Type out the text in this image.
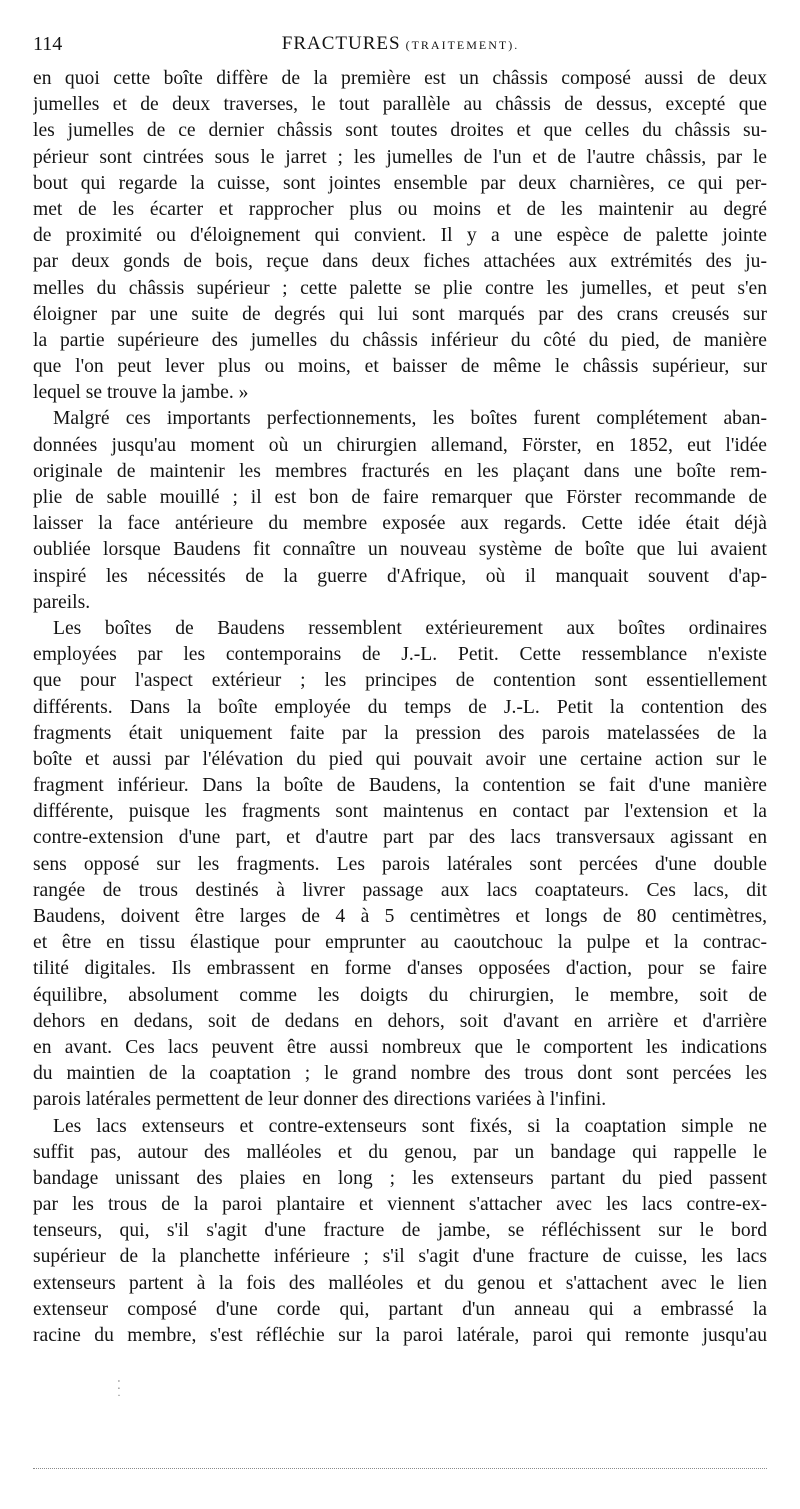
114	FRACTURES (TRAITEMENT).
en quoi cette boîte diffère de la première est un châssis composé aussi de deux
jumelles et de deux traverses, le tout parallèle au châssis de dessus, excepté que
les jumelles de ce dernier châssis sont toutes droites et que celles du châssis su-
périeur sont cintrées sous le jarret ; les jumelles de l'un et de l'autre châssis, par le
bout qui regarde la cuisse, sont jointes ensemble par deux charnières, ce qui per-
met de les écarter et rapprocher plus ou moins et de les maintenir au degré
de proximité ou d'éloignement qui convient. Il y a une espèce de palette jointe
par deux gonds de bois, reçue dans deux fiches attachées aux extrémités des ju-
melles du châssis supérieur ; cette palette se plie contre les jumelles, et peut s'en
éloigner par une suite de degrés qui lui sont marqués par des crans creusés sur
la partie supérieure des jumelles du châssis inférieur du côté du pied, de manière
que l'on peut lever plus ou moins, et baisser de même le châssis supérieur, sur
lequel se trouve la jambe. »
Malgré ces importants perfectionnements, les boîtes furent complétement aban-
données jusqu'au moment où un chirurgien allemand, Förster, en 1852, eut l'idée
originale de maintenir les membres fracturés en les plaçant dans une boîte rem-
plie de sable mouillé ; il est bon de faire remarquer que Förster recommande de
laisser la face antérieure du membre exposée aux regards. Cette idée était déjà
oubliée lorsque Baudens fit connaître un nouveau système de boîte que lui avaient
inspiré les nécessités de la guerre d'Afrique, où il manquait souvent d'ap-
pareils.
Les boîtes de Baudens ressemblent extérieurement aux boîtes ordinaires
employées par les contemporains de J.-L. Petit. Cette ressemblance n'existe
que pour l'aspect extérieur ; les principes de contention sont essentiellement
différents. Dans la boîte employée du temps de J.-L. Petit la contention des
fragments était uniquement faite par la pression des parois matelassées de la
boîte et aussi par l'élévation du pied qui pouvait avoir une certaine action sur le
fragment inférieur. Dans la boîte de Baudens, la contention se fait d'une manière
différente, puisque les fragments sont maintenus en contact par l'extension et la
contre-extension d'une part, et d'autre part par des lacs transversaux agissant en
sens opposé sur les fragments. Les parois latérales sont percées d'une double
rangée de trous destinés à livrer passage aux lacs coaptateurs. Ces lacs, dit
Baudens, doivent être larges de 4 à 5 centimètres et longs de 80 centimètres,
et être en tissu élastique pour emprunter au caoutchouc la pulpe et la contrac-
tilité digitales. Ils embrassent en forme d'anses opposées d'action, pour se faire
équilibre, absolument comme les doigts du chirurgien, le membre, soit de
dehors en dedans, soit de dedans en dehors, soit d'avant en arrière et d'arrière
en avant. Ces lacs peuvent être aussi nombreux que le comportent les indications
du maintien de la coaptation ; le grand nombre des trous dont sont percées les
parois latérales permettent de leur donner des directions variées à l'infini.
Les lacs extenseurs et contre-extenseurs sont fixés, si la coaptation simple ne
suffit pas, autour des malléoles et du genou, par un bandage qui rappelle le
bandage unissant des plaies en long ; les extenseurs partant du pied passent
par les trous de la paroi plantaire et viennent s'attacher avec les lacs contre-ex-
tenseurs, qui, s'il s'agit d'une fracture de jambe, se réfléchissent sur le bord
supérieur de la planchette inférieure ; s'il s'agit d'une fracture de cuisse, les lacs
extenseurs partent à la fois des malléoles et du genou et s'attachent avec le lien
extenseur composé d'une corde qui, partant d'un anneau qui a embrassé la
racine du membre, s'est réfléchie sur la paroi latérale, paroi qui remonte jusqu'au
⁚
·
